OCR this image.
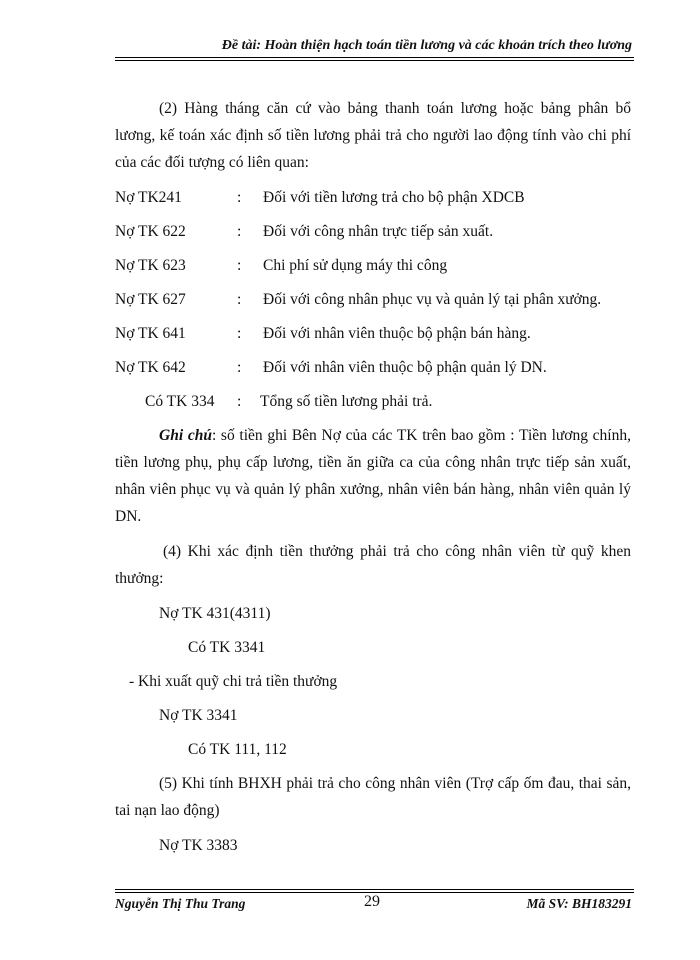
Đề tài: Hoàn thiện hạch toán tiền lương và các khoản trích theo lương

(2) Hàng tháng căn cứ vào bảng thanh toán lương hoặc bảng phân bổ lương, kế toán xác định số tiền lương phải trả cho người lao động tính vào chi phí của các đối tượng có liên quan:

Nợ TK241	: Đối với tiền lương trả cho bộ phận XDCB
Nợ TK 622	: Đối với công nhân trực tiếp sản xuất.
Nợ TK 623	: Chi phí sử dụng máy thi công
Nợ TK 627	: Đối với công nhân phục vụ và quản lý tại phân xưởng.
Nợ TK 641	: Đối với nhân viên thuộc bộ phận bán hàng.
Nợ TK 642	: Đối với nhân viên thuộc bộ phận quản lý DN.
Có TK 334 : Tổng số tiền lương phải trả.

Ghi chú: số tiền ghi Bên Nợ của các TK trên bao gồm : Tiền lương chính, tiền lương phụ, phụ cấp lương, tiền ăn giữa ca của công nhân trực tiếp sản xuất, nhân viên phục vụ và quản lý phân xưởng, nhân viên bán hàng, nhân viên quản lý DN.

(4) Khi xác định tiền thưởng phải trả cho công nhân viên từ quỹ khen thưởng:

Nợ TK 431(4311)
Có TK 3341
- Khi xuất quỹ chi trả tiền thưởng
Nợ TK 3341
Có TK 111, 112

(5) Khi tính BHXH phải trả cho công nhân viên (Trợ cấp ốm đau, thai sản, tai nạn lao động)

Nợ TK 3383
Nguyễn Thị Thu Trang	29	Mã SV: BH183291
